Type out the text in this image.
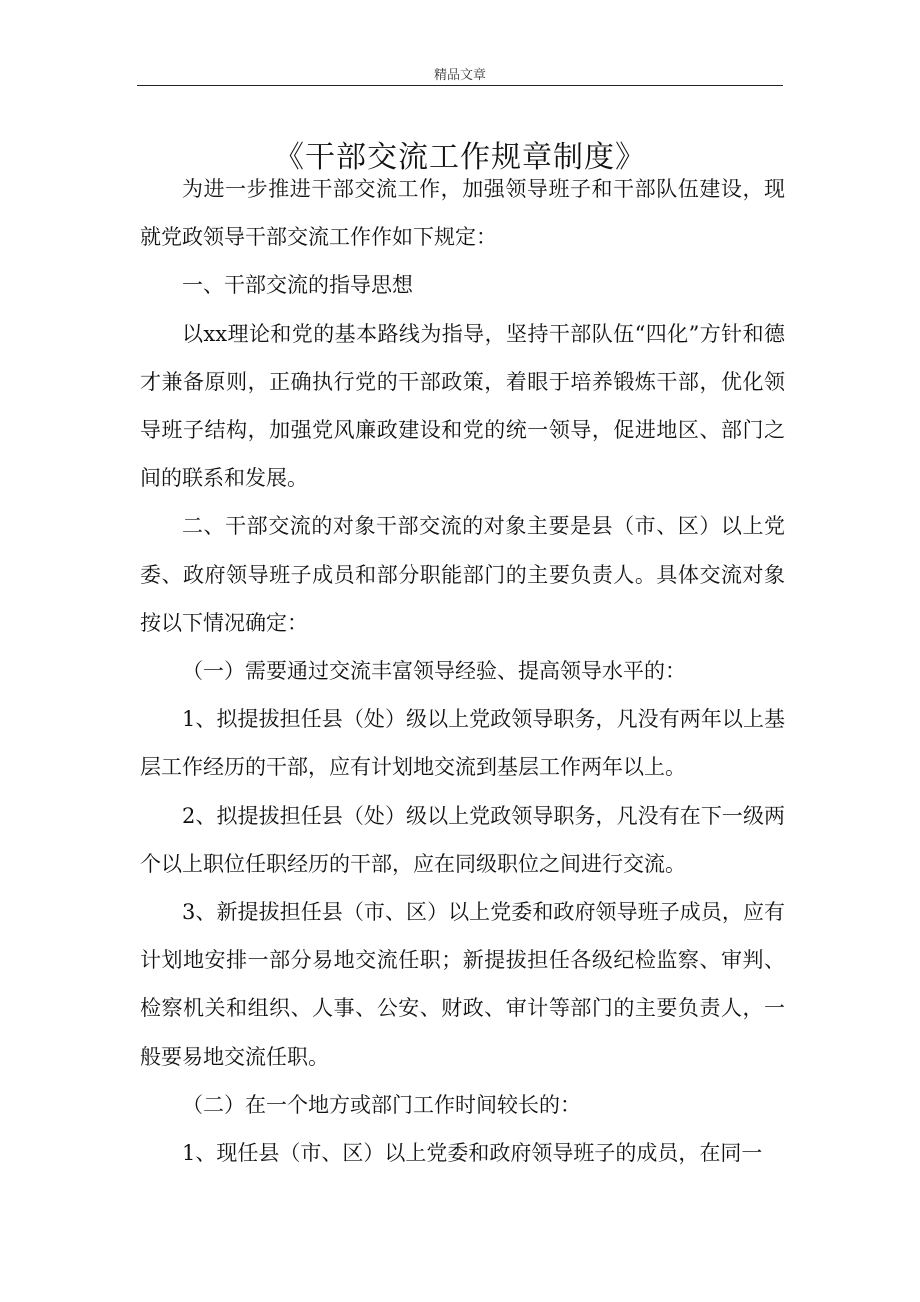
精品文章
《干部交流工作规章制度》

为进一步推进干部交流工作，加强领导班子和干部队伍建设，现就党政领导干部交流工作作如下规定：

一、干部交流的指导思想

以xx理论和党的基本路线为指导，坚持干部队伍“四化”方针和德才兼备原则，正确执行党的干部政策，着眼于培养锻炼干部，优化领导班子结构，加强党风廉政建设和党的统一领导，促进地区、部门之间的联系和发展。

二、干部交流的对象干部交流的对象主要是县（市、区）以上党委、政府领导班子成员和部分职能部门的主要负责人。具体交流对象按以下情况确定：

（一）需要通过交流丰富领导经验、提高领导水平的：

1、拟提拔担任县（处）级以上党政领导职务，凡没有两年以上基层工作经历的干部，应有计划地交流到基层工作两年以上。

2、拟提拔担任县（处）级以上党政领导职务，凡没有在下一级两个以上职位任职经历的干部，应在同级职位之间进行交流。

3、新提拔担任县（市、区）以上党委和政府领导班子成员，应有计划地安排一部分易地交流任职；新提拔担任各级纪检监察、审判、检察机关和组织、人事、公安、财政、审计等部门的主要负责人，一般要易地交流任职。

（二）在一个地方或部门工作时间较长的：

1、现任县（市、区）以上党委和政府领导班子的成员，在同一
